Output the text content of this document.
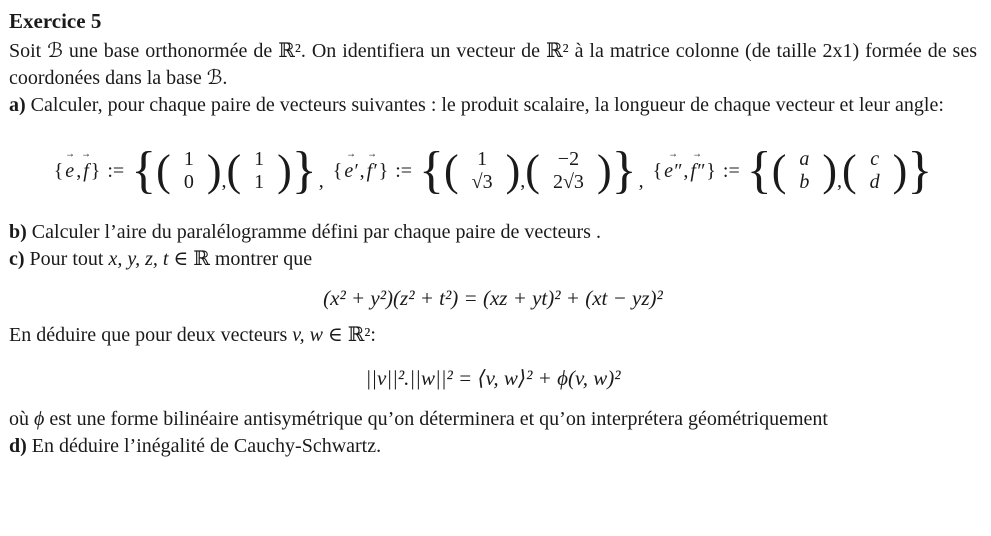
Exercice 5

Soit ℬ une base orthonormée de ℝ². On identifiera un vecteur de ℝ² à la matrice colonne (de taille 2x1) formée de ses coordonées dans la base ℬ.

a) Calculer, pour chaque paire de vecteurs suivantes : le produit scalaire, la longueur de chaque vecteur et leur angle:

{
→
e ,
→
f } := { ( 1
0 ) , ( 1
1 ) } , {
→
e′ ,
→
f′ } := { ( 1
√3 ) , ( −2
2√3 ) } , {
→
e″ ,
→
f″ } := { ( a
b ) , ( c
d ) }

b) Calculer l’aire du paralélogramme défini par chaque paire de vecteurs .

c) Pour tout x, y, z, t ∈ ℝ montrer que

(x² + y²)(z² + t²) = (xz + yt)² + (xt − yz)²

En déduire que pour deux vecteurs v, w ∈ ℝ²:

||v||².||w||² = ⟨v, w⟩² + ϕ(v, w)²

où ϕ est une forme bilinéaire antisymétrique qu’on déterminera et qu’on interprétera géométriquement

d) En déduire l’inégalité de Cauchy-Schwartz.
